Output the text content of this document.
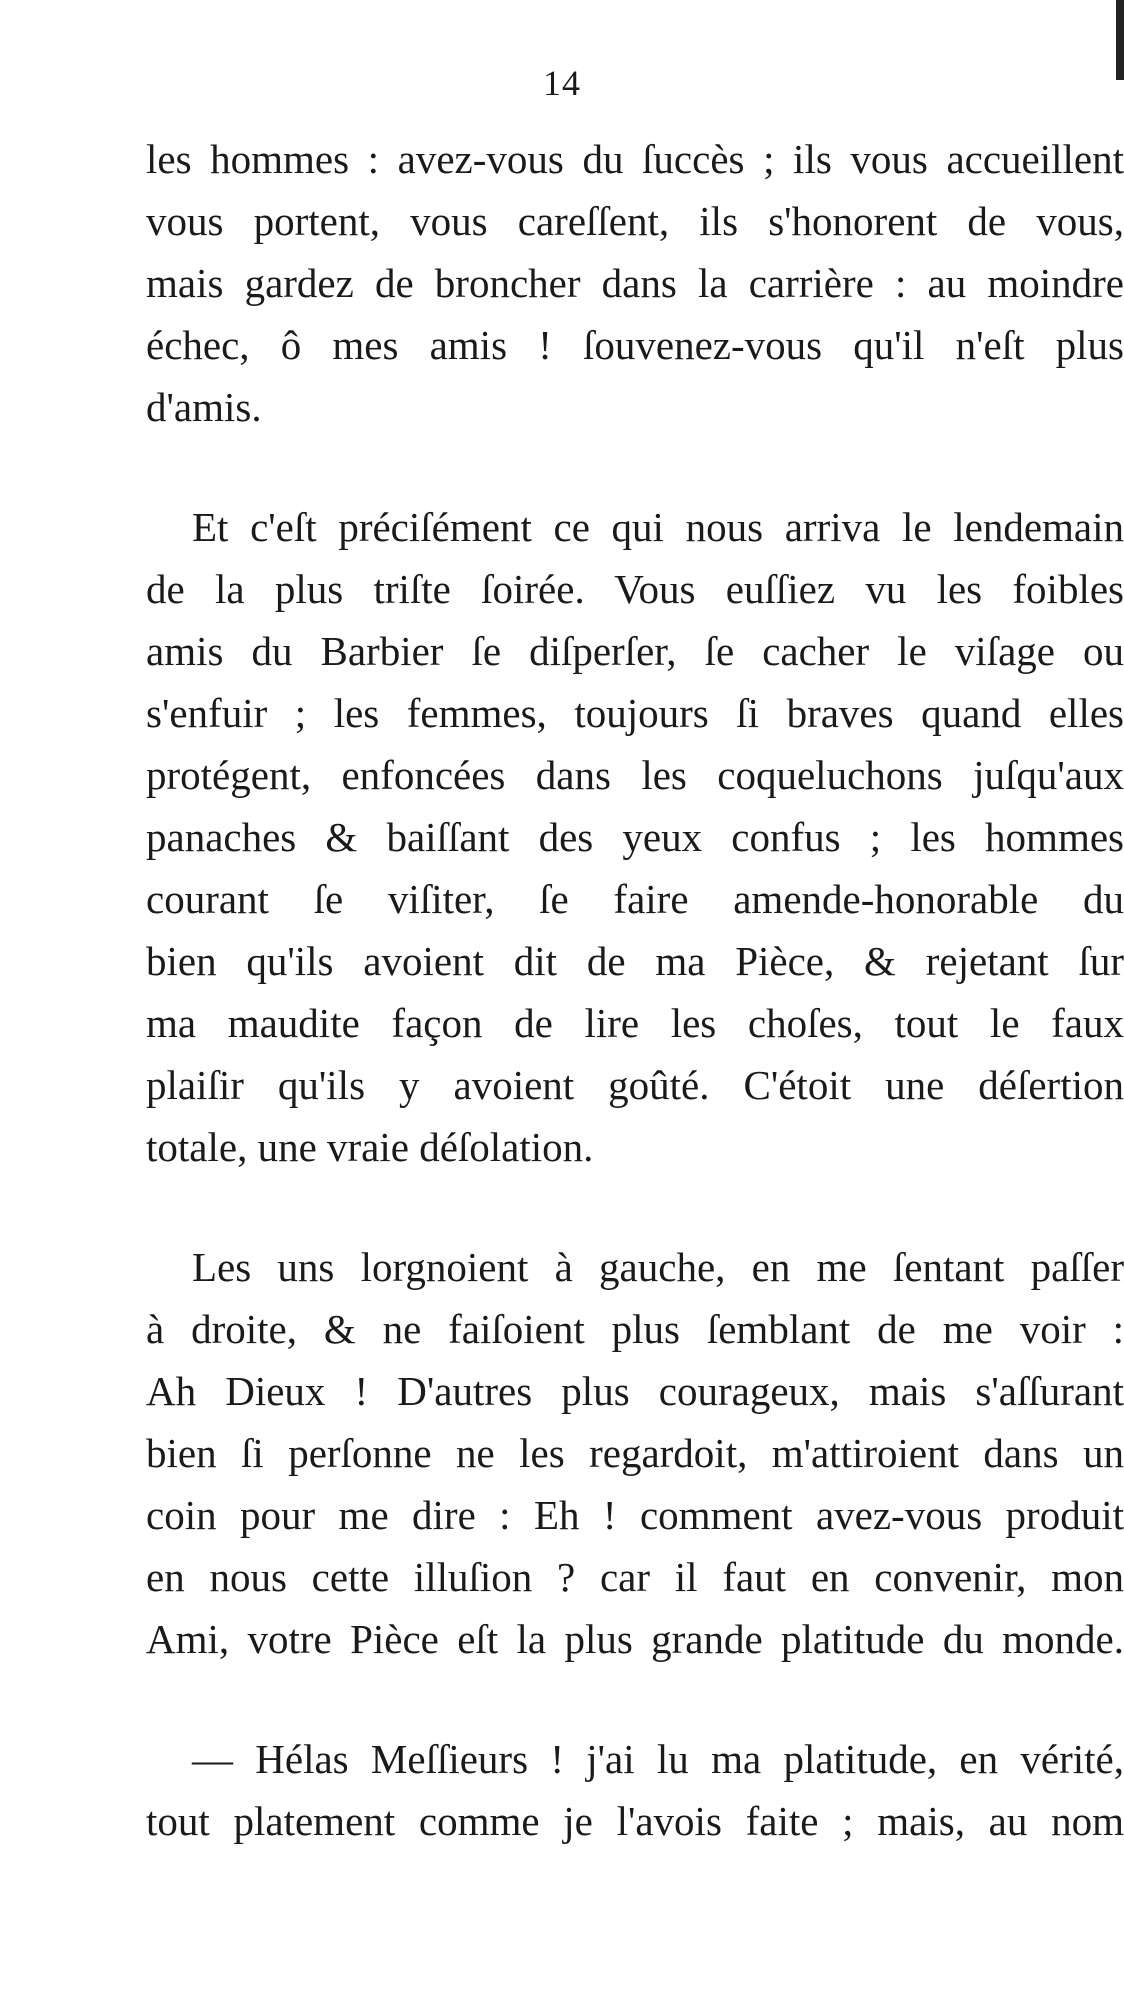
14
les hommes : avez-vous du ſuccès ; ils vous accueillent
vous portent, vous careſſent, ils s'honorent de vous,
mais gardez de broncher dans la carrière : au moindre
échec, ô mes amis ! ſouvenez-vous qu'il n'eſt plus
d'amis.
Et c'eſt préciſément ce qui nous arriva le lendemain
de la plus triſte ſoirée. Vous euſſiez vu les foibles
amis du Barbier ſe diſperſer, ſe cacher le viſage ou
s'enfuir ; les femmes, toujours ſi braves quand elles
protégent, enfoncées dans les coqueluchons juſqu'aux
panaches & baiſſant des yeux confus ; les hommes
courant ſe viſiter, ſe faire amende-honorable du
bien qu'ils avoient dit de ma Pièce, & rejetant ſur
ma maudite façon de lire les choſes, tout le faux
plaiſir qu'ils y avoient goûté. C'étoit une déſertion
totale, une vraie déſolation.
Les uns lorgnoient à gauche, en me ſentant paſſer
à droite, & ne faiſoient plus ſemblant de me voir :
Ah Dieux ! D'autres plus courageux, mais s'aſſurant
bien ſi perſonne ne les regardoit, m'attiroient dans un
coin pour me dire : Eh ! comment avez-vous produit
en nous cette illuſion ? car il faut en convenir, mon
Ami, votre Pièce eſt la plus grande platitude du monde.
— Hélas Meſſieurs ! j'ai lu ma platitude, en vérité,
tout platement comme je l'avois faite ; mais, au nom
